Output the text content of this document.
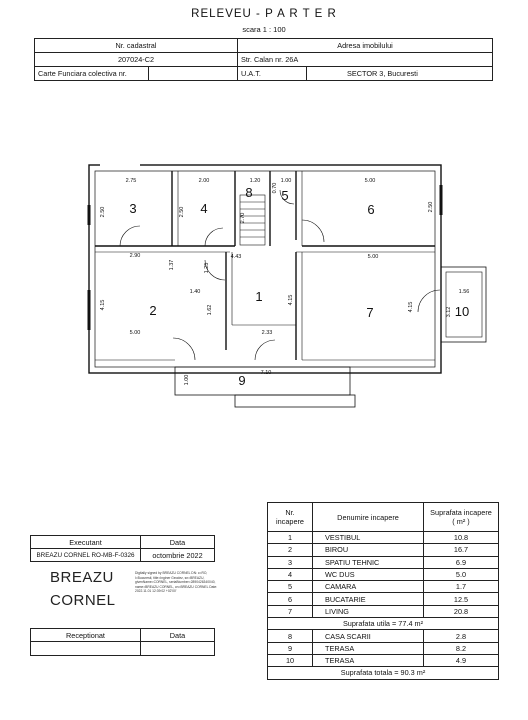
RELEVEU - P A R T E R
scara 1 : 100
Nr. cadastral		Adresa imobilului	
207024-C2		Str. Calan nr. 26A	
Carte Funciara colectiva nr.		U.A.T.	SECTOR 3, Bucuresti
2.75	2.00	1.20	1.00	5.00
2.50	2.50
0.70
2.70
2.50
2.90
1.37	1.25
4.43	5.00
1.40
4.15	1.62
1.56
4.15
3.12
4.15
5.00	2.33
7.10
1.00
3	4
8 5
6
2
1
7	10
9
Executant	Data
BREAZU CORNEL RO-MB-F-0326	octombrie 2022
BREAZU
CORNEL
Digitally signed by BREAZU CORNEL DN: c=RO, l=Bucuresti, title=Inginer Geodez, sn=BREAZU, givenName=CORNEL, serialNumber=2890426340040, name=BREAZU CORNEL, cn=BREAZU CORNEL Date: 2022.11.01 12:39:02 +02'00'
Receptionat	Data

Nr. incapere	Denumire incapere	Suprafata incapere
( m² )
1	VESTIBUL	10.8
2	BIROU	16.7
3	SPATIU TEHNIC	6.9
4	WC DUS	5.0
5	CAMARA	1.7
6	BUCATARIE	12.5
7	LIVING	20.8
Suprafata utila = 77.4 m²		
8	CASA SCARII	2.8
9	TERASA	8.2
10	TERASA	4.9
Suprafata totala = 90.3 m²		
